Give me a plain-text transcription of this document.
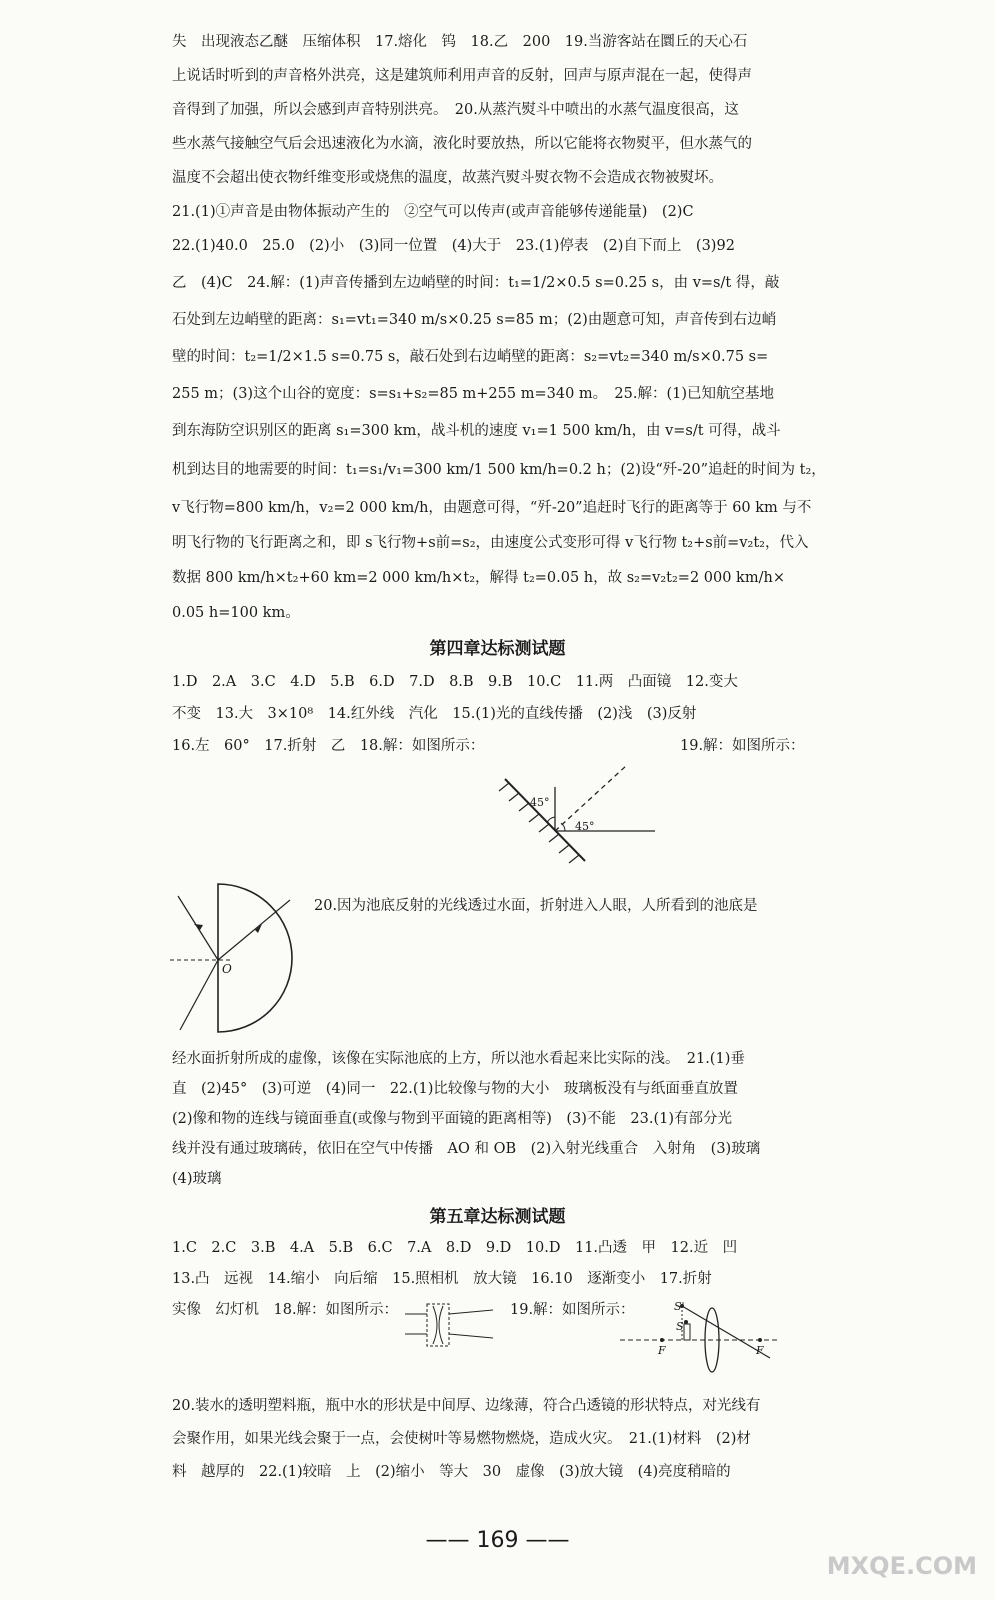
失　出现液态乙醚　压缩体积　17.熔化　钨　18.乙　200　19.当游客站在圜丘的天心石
上说话时听到的声音格外洪亮，这是建筑师利用声音的反射，回声与原声混在一起，使得声
音得到了加强，所以会感到声音特别洪亮。　20.从蒸汽熨斗中喷出的水蒸气温度很高，这
些水蒸气接触空气后会迅速液化为水滴，液化时要放热，所以它能将衣物熨平，但水蒸气的
温度不会超出使衣物纤维变形或烧焦的温度，故蒸汽熨斗熨衣物不会造成衣物被熨坏。
21.(1)①声音是由物体振动产生的　②空气可以传声(或声音能够传递能量)　(2)C
22.(1)40.0　25.0　(2)小　(3)同一位置　(4)大于　23.(1)停表　(2)自下而上　(3)92
乙　(4)C　24.解：(1)声音传播到左边峭壁的时间：t₁=1/2×0.5 s=0.25 s，由 v=s/t 得，敲
石处到左边峭壁的距离：s₁=vt₁=340 m/s×0.25 s=85 m；(2)由题意可知，声音传到右边峭
壁的时间：t₂=1/2×1.5 s=0.75 s，敲石处到右边峭壁的距离：s₂=vt₂=340 m/s×0.75 s=
255 m；(3)这个山谷的宽度：s=s₁+s₂=85 m+255 m=340 m。　25.解：(1)已知航空基地
到东海防空识别区的距离 s₁=300 km，战斗机的速度 v₁=1 500 km/h，由 v=s/t 可得，战斗
机到达目的地需要的时间：t₁=s₁/v₁=300 km/1 500 km/h=0.2 h；(2)设“歼-20”追赶的时间为 t₂，
v飞行物=800 km/h，v₂=2 000 km/h，由题意可得，“歼-20”追赶时飞行的距离等于 60 km 与不
明飞行物的飞行距离之和，即 s飞行物+s前=s₂，由速度公式变形可得 v飞行物 t₂+s前=v₂t₂，代入
数据 800 km/h×t₂+60 km=2 000 km/h×t₂，解得 t₂=0.05 h，故 s₂=v₂t₂=2 000 km/h×
0.05 h=100 km。
第四章达标测试题
1.D　2.A　3.C　4.D　5.B　6.D　7.D　8.B　9.B　10.C　11.两　凸面镜　12.变大
不变　13.大　3×10⁸　14.红外线　汽化　15.(1)光的直线传播　(2)浅　(3)反射
16.左　60°　17.折射　乙　18.解：如图所示：	19.解：如图所示：
45°
45°
O
20.因为池底反射的光线透过水面，折射进入人眼，人所看到的池底是
经水面折射所成的虚像，该像在实际池底的上方，所以池水看起来比实际的浅。　21.(1)垂
直　(2)45°　(3)可逆　(4)同一　22.(1)比较像与物的大小　玻璃板没有与纸面垂直放置
(2)像和物的连线与镜面垂直(或像与物到平面镜的距离相等)　(3)不能　23.(1)有部分光
线并没有通过玻璃砖，依旧在空气中传播　AO 和 OB　(2)入射光线重合　入射角　(3)玻璃
(4)玻璃
第五章达标测试题
1.C　2.C　3.B　4.A　5.B　6.C　7.A　8.D　9.D　10.D　11.凸透　甲　12.近　凹
13.凸　远视　14.缩小　向后缩　15.照相机　放大镜　16.10　逐渐变小　17.折射
实像　幻灯机　18.解：如图所示：	19.解：如图所示：	S'
S
F	F
20.装水的透明塑料瓶，瓶中水的形状是中间厚、边缘薄，符合凸透镜的形状特点，对光线有
会聚作用，如果光线会聚于一点，会使树叶等易燃物燃烧，造成火灾。　21.(1)材料　(2)材
料　越厚的　22.(1)较暗　上　(2)缩小　等大　30　虚像　(3)放大镜　(4)亮度稍暗的
—— 169 ——
MXQE.COM
